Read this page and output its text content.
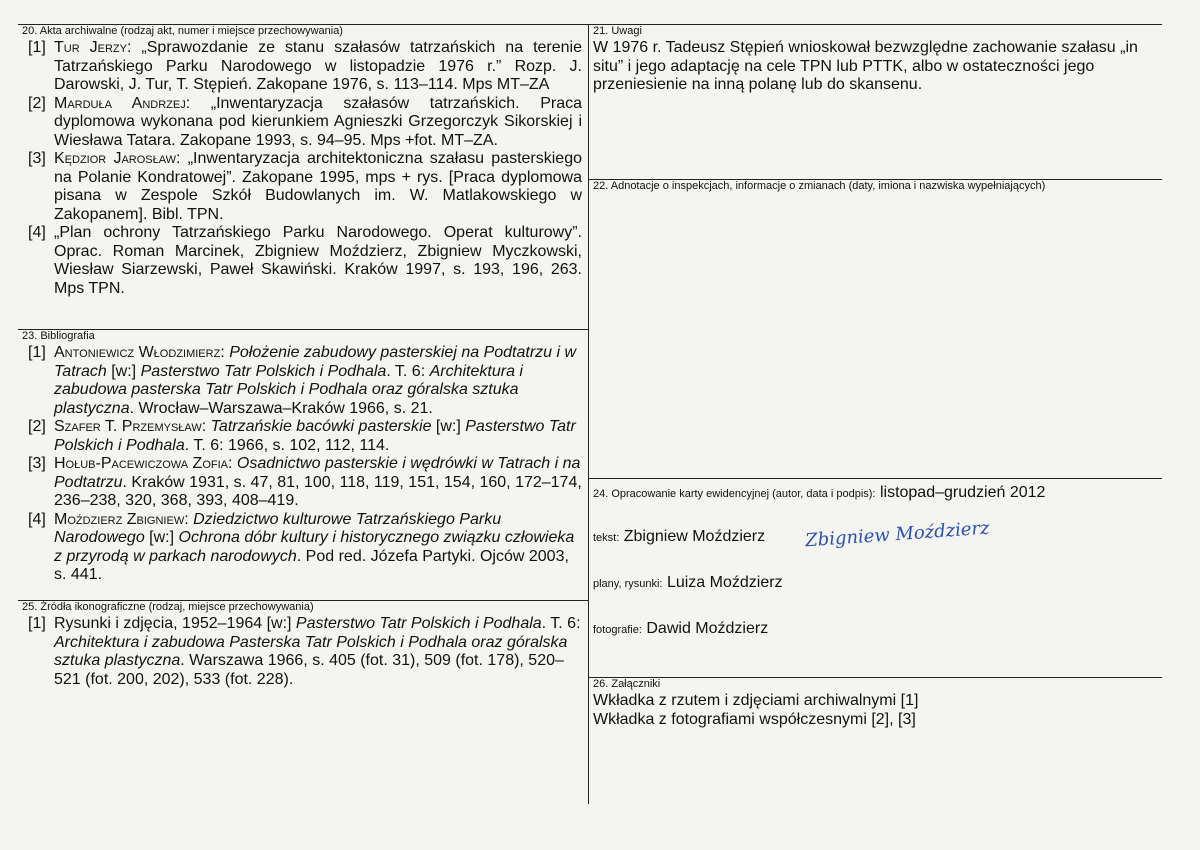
20. Akta archiwalne (rodzaj akt, numer i miejsce przechowywania)
[1] Tur Jerzy: „Sprawozdanie ze stanu szałasów tatrzańskich na terenie Tatrzańskiego Parku Narodowego w listopadzie 1976 r.” Rozp. J. Darowski, J. Tur, T. Stępień. Zakopane 1976, s. 113–114. Mps MT–ZA
[2] Marduła Andrzej: „Inwentaryzacja szałasów tatrzańskich. Praca dyplomowa wykonana pod kierunkiem Agnieszki Grzegorczyk Sikorskiej i Wiesława Tatara. Zakopane 1993, s. 94–95. Mps +fot. MT–ZA.
[3] Kędzior Jarosław: „Inwentaryzacja architektoniczna szałasu pasterskiego na Polanie Kondratowej”. Zakopane 1995, mps + rys. [Praca dyplomowa pisana w Zespole Szkół Budowlanych im. W. Matlakowskiego w Zakopanem]. Bibl. TPN.
[4] „Plan ochrony Tatrzańskiego Parku Narodowego. Operat kulturowy”. Oprac. Roman Marcinek, Zbigniew Moździerz, Zbigniew Myczkowski, Wiesław Siarzewski, Paweł Skawiński. Kraków 1997, s. 193, 196, 263. Mps TPN.
23. Bibliografia
[1] Antoniewicz Włodzimierz: Położenie zabudowy pasterskiej na Podtatrzu i w Tatrach [w:] Pasterstwo Tatr Polskich i Podhala. T. 6: Architektura i zabudowa pasterska Tatr Polskich i Podhala oraz góralska sztuka plastyczna. Wrocław–Warszawa–Kraków 1966, s. 21.
[2] Szafer T. Przemysław: Tatrzańskie bacówki pasterskie [w:] Pasterstwo Tatr Polskich i Podhala. T. 6: 1966, s. 102, 112, 114.
[3] Hołub-Pacewiczowa Zofia: Osadnictwo pasterskie i wędrówki w Tatrach i na Podtatrzu. Kraków 1931, s. 47, 81, 100, 118, 119, 151, 154, 160, 172–174, 236–238, 320, 368, 393, 408–419.
[4] Moździerz Zbigniew: Dziedzictwo kulturowe Tatrzańskiego Parku Narodowego [w:] Ochrona dóbr kultury i historycznego związku człowieka z przyrodą w parkach narodowych. Pod red. Józefa Partyki. Ojców 2003, s. 441.
25. Źródła ikonograficzne (rodzaj, miejsce przechowywania)
[1] Rysunki i zdjęcia, 1952–1964 [w:] Pasterstwo Tatr Polskich i Podhala. T. 6: Architektura i zabudowa Pasterska Tatr Polskich i Podhala oraz góralska sztuka plastyczna. Warszawa 1966, s. 405 (fot. 31), 509 (fot. 178), 520–521 (fot. 200, 202), 533 (fot. 228).
21. Uwagi
W 1976 r. Tadeusz Stępień wnioskował bezwzględne zachowanie szałasu „in situ” i jego adaptację na cele TPN lub PTTK, albo w ostateczności jego przeniesienie na inną polanę lub do skansenu.
22. Adnotacje o inspekcjach, informacje o zmianach (daty, imiona i nazwiska wypełniających)
24. Opracowanie karty ewidencyjnej (autor, data i podpis): listopad–grudzień 2012
tekst: Zbigniew Moździerz Zbigniew Moździerz
plany, rysunki: Luiza Moździerz
fotografie: Dawid Moździerz
26. Załączniki
Wkładka z rzutem i zdjęciami archiwalnymi [1]
Wkładka z fotografiami współczesnymi [2], [3]
